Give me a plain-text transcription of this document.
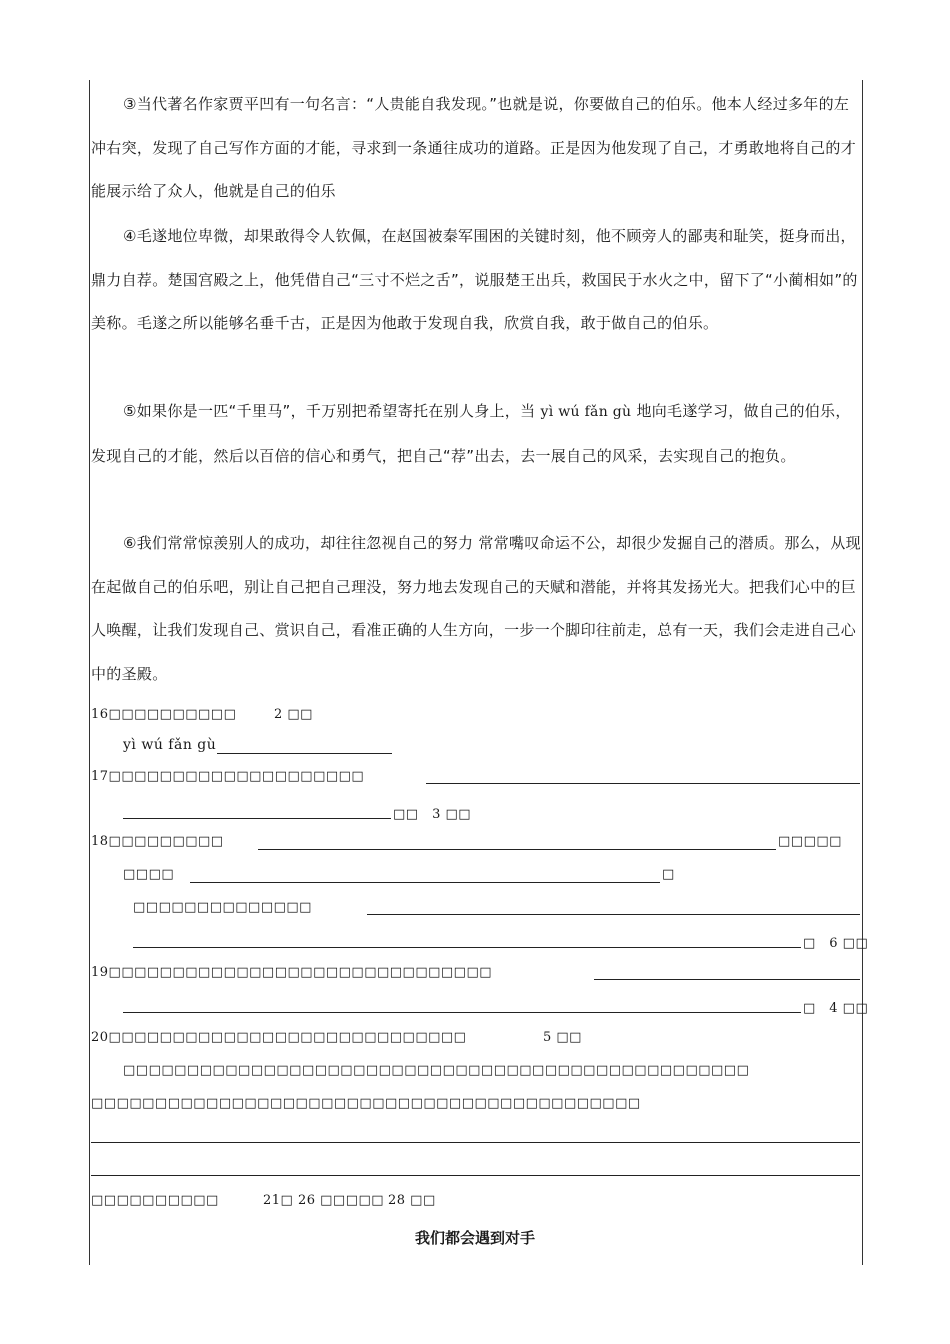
③当代著名作家贾平凹有一句名言：“人贵能自我发现。”也就是说，你要做自己的伯乐。他本人经过多年的左冲右突，发现了自己写作方面的才能，寻求到一条通往成功的道路。正是因为他发现了自己，才勇敢地将自己的才能展示给了众人，他就是自己的伯乐

④毛遂地位卑微，却果敢得令人钦佩，在赵国被秦军围困的关键时刻，他不顾旁人的鄙夷和耻笑，挺身而出，鼎力自荐。楚国宫殿之上，他凭借自己“三寸不烂之舌”，说服楚王出兵，救国民于水火之中，留下了“小蔺相如”的美称。毛遂之所以能够名垂千古，正是因为他敢于发现自我，欣赏自我，敢于做自己的伯乐。

⑤如果你是一匹“千里马”，千万别把希望寄托在别人身上，当 yì wú fǎn gù 地向毛遂学习，做自己的伯乐，发现自己的才能，然后以百倍的信心和勇气，把自己“荐”出去，去一展自己的风采，去实现自己的抱负。

⑥我们常常惊羡别人的成功，却往往忽视自己的努力 常常嘴叹命运不公，却很少发掘自己的潜质。那么，从现在起做自己的伯乐吧，别让自己把自己理没，努力地去发现自己的天赋和潜能，并将其发扬光大。把我们心中的巨人唤醒，让我们发现自己、赏识自己，看准正确的人生方向，一步一个脚印往前走，总有一天，我们会走进自己心中的圣殿。

16□□□□□□□□□□	2 □□
yì wú fǎn gù
17□□□□□□□□□□□□□□□□□□□□
□□　3 □□
18□□□□□□□□□	□□□□□
□□□□	□
□□□□□□□□□□□□□□
□　6 □□
19□□□□□□□□□□□□□□□□□□□□□□□□□□□□□□
□　4 □□
20□□□□□□□□□□□□□□□□□□□□□□□□□□□□	5 □□
□□□□□□□□□□□□□□□□□□□□□□□□□□□□□□□□□□□□□□□□□□□□□□□□□
□□□□□□□□□□□□□□□□□□□□□□□□□□□□□□□□□□□□□□□□□□□
□□□□□□□□□□	21□ 26 □□□□□ 28 □□
我们都会遇到对手
